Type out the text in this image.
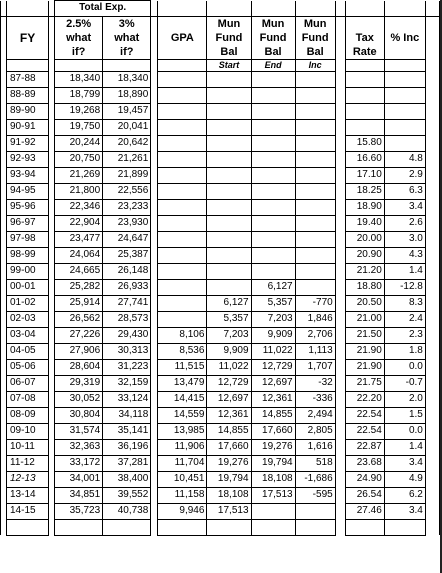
			Total Exp.										
			2.5%	3%			Mun	Mun	Mun				
	FY		what	what		GPA	Fund	Fund	Fund		Tax	% Inc	
			if?	if?			Bal	Bal	Bal		Rate		
							Start	End	Inc				
	87-88		18,340	18,340									
	88-89		18,799	18,890									
	89-90		19,268	19,457									
	90-91		19,750	20,041									
	91-92		20,244	20,642							15.80		
	92-93		20,750	21,261							16.60	4.8	
	93-94		21,269	21,899							17.10	2.9	
	94-95		21,800	22,556							18.25	6.3	
	95-96		22,346	23,233							18.90	3.4	
	96-97		22,904	23,930							19.40	2.6	
	97-98		23,477	24,647							20.00	3.0	
	98-99		24,064	25,387							20.90	4.3	
	99-00		24,665	26,148							21.20	1.4	
	00-01		25,282	26,933				6,127			18.80	-12.8	
	01-02		25,914	27,741			6,127	5,357	-770		20.50	8.3	
	02-03		26,562	28,573			5,357	7,203	1,846		21.00	2.4	
	03-04		27,226	29,430		8,106	7,203	9,909	2,706		21.50	2.3	
	04-05		27,906	30,313		8,536	9,909	11,022	1,113		21.90	1.8	
	05-06		28,604	31,223		11,515	11,022	12,729	1,707		21.90	0.0	
	06-07		29,319	32,159		13,479	12,729	12,697	-32		21.75	-0.7	
	07-08		30,052	33,124		14,415	12,697	12,361	-336		22.20	2.0	
	08-09		30,804	34,118		14,559	12,361	14,855	2,494		22.54	1.5	
	09-10		31,574	35,141		13,985	14,855	17,660	2,805		22.54	0.0	
	10-11		32,363	36,196		11,906	17,660	19,276	1,616		22.87	1.4	
	11-12		33,172	37,281		11,704	19,276	19,794	518		23.68	3.4	
	12-13		34,001	38,400		10,451	19,794	18,108	-1,686		24.90	4.9	
	13-14		34,851	39,552		11,158	18,108	17,513	-595		26.54	6.2	
	14-15		35,723	40,738		9,946	17,513				27.46	3.4	
